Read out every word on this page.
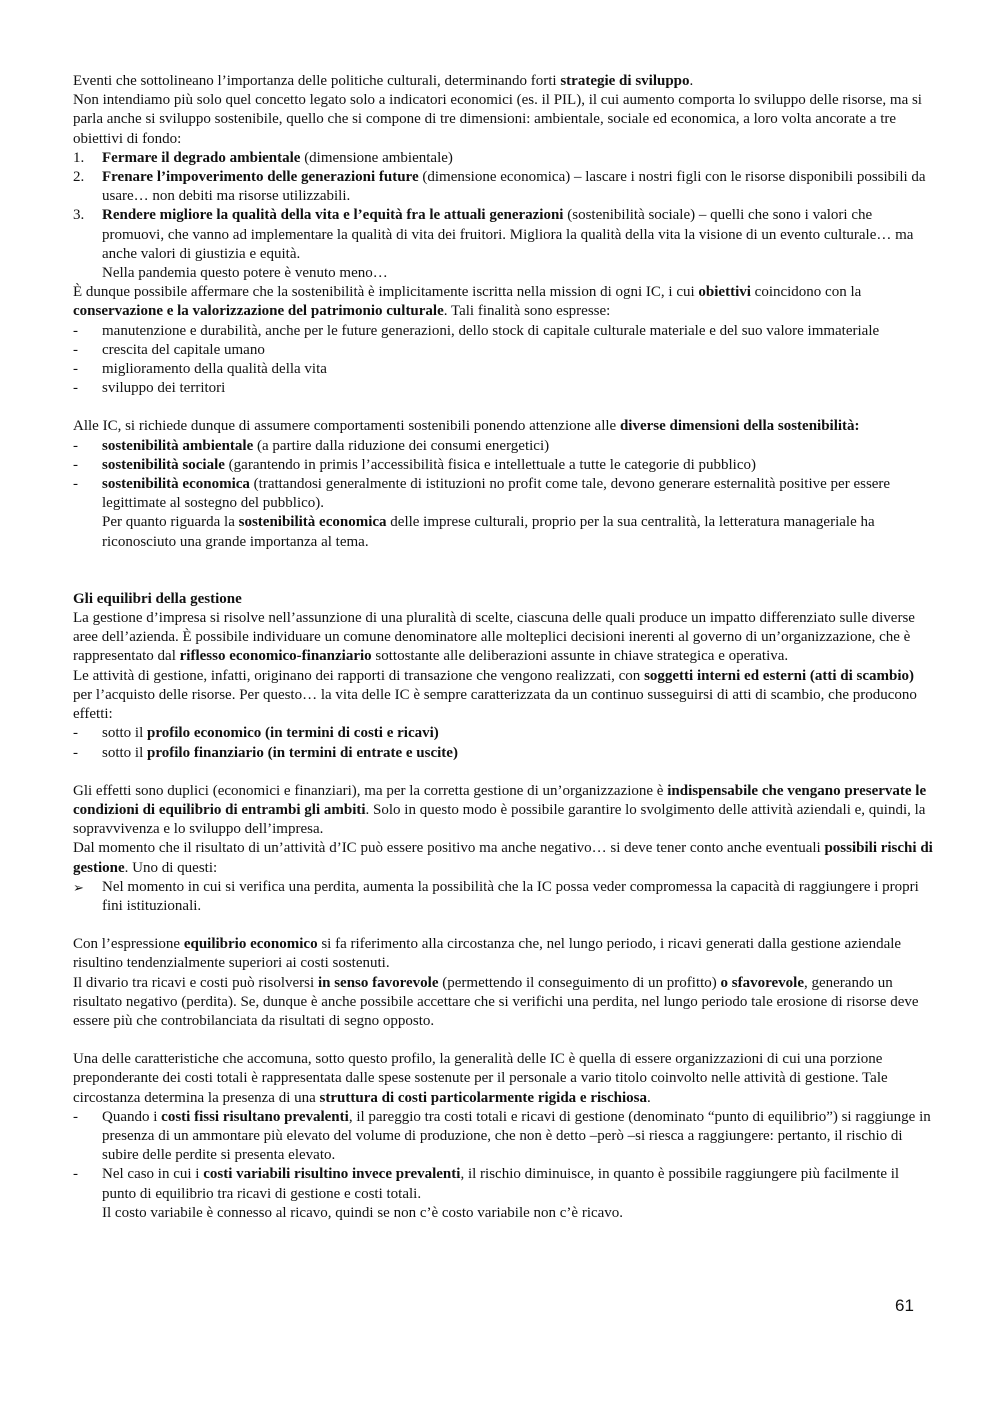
Eventi che sottolineano l’importanza delle politiche culturali, determinando forti strategie di sviluppo.

Non intendiamo più solo quel concetto legato solo a indicatori economici (es. il PIL), il cui aumento comporta lo sviluppo delle risorse, ma si parla anche si sviluppo sostenibile, quello che si compone di tre dimensioni: ambientale, sociale ed economica, a loro volta ancorate a tre obiettivi di fondo:

1.	Fermare il degrado ambientale (dimensione ambientale)
2.	Frenare l’impoverimento delle generazioni future (dimensione economica) – lascare i nostri figli con le risorse disponibili possibili da usare… non debiti ma risorse utilizzabili.
3.	Rendere migliore la qualità della vita e l’equità fra le attuali generazioni (sostenibilità sociale) – quelli che sono i valori che promuovi, che vanno ad implementare la qualità di vita dei fruitori. Migliora la qualità della vita la visione di un evento culturale… ma anche valori di giustizia e equità.
Nella pandemia questo potere è venuto meno…

È dunque possibile affermare che la sostenibilità è implicitamente iscritta nella mission di ogni IC, i cui obiettivi coincidono con la conservazione e la valorizzazione del patrimonio culturale. Tali finalità sono espresse:

-	manutenzione e durabilità, anche per le future generazioni, dello stock di capitale culturale materiale e del suo valore immateriale
-	crescita del capitale umano
-	miglioramento della qualità della vita
-	sviluppo dei territori

Alle IC, si richiede dunque di assumere comportamenti sostenibili ponendo attenzione alle diverse dimensioni della sostenibilità:

-	sostenibilità ambientale (a partire dalla riduzione dei consumi energetici)
-	sostenibilità sociale (garantendo in primis l’accessibilità fisica e intellettuale a tutte le categorie di pubblico)
-	sostenibilità economica (trattandosi generalmente di istituzioni no profit come tale, devono generare esternalità positive per essere legittimate al sostegno del pubblico).
Per quanto riguarda la sostenibilità economica delle imprese culturali, proprio per la sua centralità, la letteratura manageriale ha riconosciuto una grande importanza al tema.

Gli equilibri della gestione

La gestione d’impresa si risolve nell’assunzione di una pluralità di scelte, ciascuna delle quali produce un impatto differenziato sulle diverse aree dell’azienda. È possibile individuare un comune denominatore alle molteplici decisioni inerenti al governo di un’organizzazione, che è rappresentato dal riflesso economico-finanziario sottostante alle deliberazioni assunte in chiave strategica e operativa.

Le attività di gestione, infatti, originano dei rapporti di transazione che vengono realizzati, con soggetti interni ed esterni (atti di scambio) per l’acquisto delle risorse. Per questo… la vita delle IC è sempre caratterizzata da un continuo susseguirsi di atti di scambio, che producono effetti:

-	sotto il profilo economico (in termini di costi e ricavi)
-	sotto il profilo finanziario (in termini di entrate e uscite)

Gli effetti sono duplici (economici e finanziari), ma per la corretta gestione di un’organizzazione è indispensabile che vengano preservate le condizioni di equilibrio di entrambi gli ambiti. Solo in questo modo è possibile garantire lo svolgimento delle attività aziendali e, quindi, la sopravvivenza e lo sviluppo dell’impresa.

Dal momento che il risultato di un’attività d’IC può essere positivo ma anche negativo… si deve tener conto anche eventuali possibili rischi di gestione. Uno di questi:

➢	Nel momento in cui si verifica una perdita, aumenta la possibilità che la IC possa veder compromessa la capacità di raggiungere i propri fini istituzionali.

Con l’espressione equilibrio economico si fa riferimento alla circostanza che, nel lungo periodo, i ricavi generati dalla gestione aziendale risultino tendenzialmente superiori ai costi sostenuti.

Il divario tra ricavi e costi può risolversi in senso favorevole (permettendo il conseguimento di un profitto) o sfavorevole, generando un risultato negativo (perdita). Se, dunque è anche possibile accettare che si verifichi una perdita, nel lungo periodo tale erosione di risorse deve essere più che controbilanciata da risultati di segno opposto.

Una delle caratteristiche che accomuna, sotto questo profilo, la generalità delle IC è quella di essere organizzazioni di cui una porzione preponderante dei costi totali è rappresentata dalle spese sostenute per il personale a vario titolo coinvolto nelle attività di gestione. Tale circostanza determina la presenza di una struttura di costi particolarmente rigida e rischiosa.

-	Quando i costi fissi risultano prevalenti, il pareggio tra costi totali e ricavi di gestione (denominato “punto di equilibrio”) si raggiunge in presenza di un ammontare più elevato del volume di produzione, che non è detto –però –si riesca a raggiungere: pertanto, il rischio di subire delle perdite si presenta elevato.
-	Nel caso in cui i costi variabili risultino invece prevalenti, il rischio diminuisce, in quanto è possibile raggiungere più facilmente il punto di equilibrio tra ricavi di gestione e costi totali.
Il costo variabile è connesso al ricavo, quindi se non c’è costo variabile non c’è ricavo.
61
